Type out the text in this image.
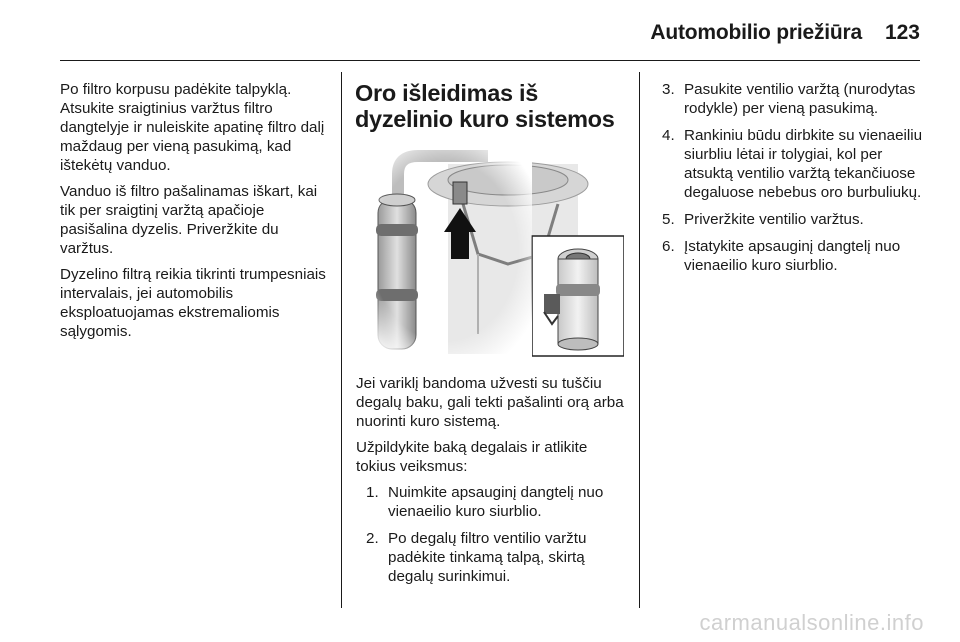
Automobilio priežiūra 123

Po filtro korpusu padėkite talpyklą. Atsukite sraigtinius varžtus filtro dangtelyje ir nuleiskite apatinę filtro dalį maždaug per vieną pasukimą, kad ištekėtų vanduo.

Vanduo iš filtro pašalinamas iškart, kai tik per sraigtinį varžtą apačioje pasišalina dyzelis. Priveržkite du varžtus.

Dyzelino filtrą reikia tikrinti trumpesniais intervalais, jei automobilis eksploatuojamas ekstremaliomis sąlygomis.

Oro išleidimas iš dyzelinio kuro sistemos

Jei variklį bandoma užvesti su tuščiu degalų baku, gali tekti pašalinti orą arba nuorinti kuro sistemą.

Užpildykite baką degalais ir atlikite tokius veiksmus:

1. Nuimkite apsauginį dangtelį nuo vienaeilio kuro siurblio.
2. Po degalų filtro ventilio varžtu padėkite tinkamą talpą, skirtą degalų surinkimui.
3. Pasukite ventilio varžtą (nurodytas rodykle) per vieną pasukimą.
4. Rankiniu būdu dirbkite su vienaeiliu siurbliu lėtai ir tolygiai, kol per atsuktą ventilio varžtą tekančiuose degaluose nebebus oro burbuliukų.
5. Priveržkite ventilio varžtus.
6. Įstatykite apsauginį dangtelį nuo vienaeilio kuro siurblio.
carmanualsonline.info
